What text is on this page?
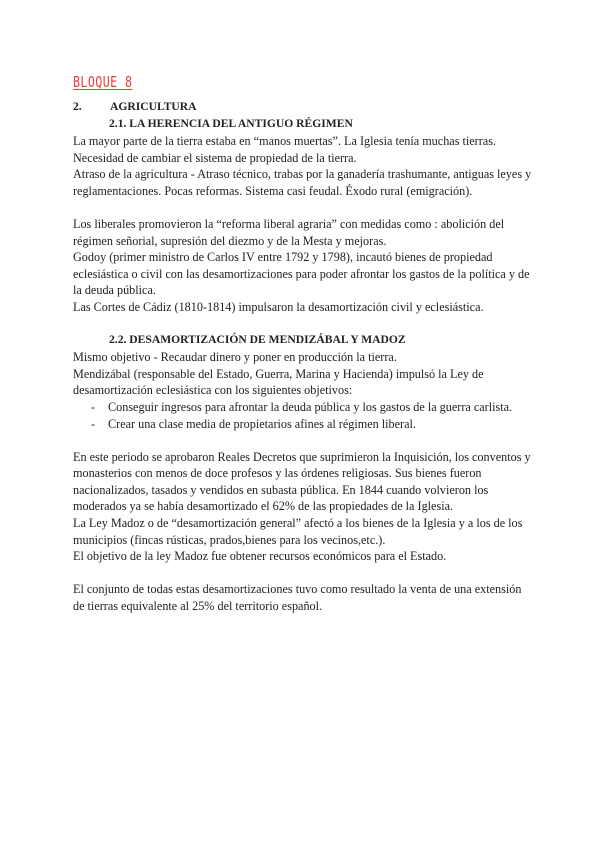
BLOQUE 8
2. AGRICULTURA
2.1. LA HERENCIA DEL ANTIGUO RÉGIMEN

La mayor parte de la tierra estaba en “manos muertas”. La Iglesia tenía muchas tierras. Necesidad de cambiar el sistema de propiedad de la tierra.

Atraso de la agricultura - Atraso técnico, trabas por la ganadería trashumante, antiguas leyes y reglamentaciones. Pocas reformas. Sistema casi feudal. Éxodo rural (emigración).

Los liberales promovieron la “reforma liberal agraria” con medidas como : abolición del régimen señorial, supresión del diezmo y de la Mesta y mejoras.

Godoy (primer ministro de Carlos IV entre 1792 y 1798), incautó bienes de propiedad eclesiástica o civil con las desamortizaciones para poder afrontar los gastos de la política y de la deuda pública.

Las Cortes de Cádiz (1810-1814) impulsaron la desamortización civil y eclesiástica.

2.2. DESAMORTIZACIÓN DE MENDIZÁBAL Y MADOZ

Mismo objetivo - Recaudar dinero y poner en producción la tierra.

Mendizábal (responsable del Estado, Guerra, Marina y Hacienda) impulsó la Ley de desamortización eclesiástica con los siguientes objetivos:

- Conseguir ingresos para afrontar la deuda pública y los gastos de la guerra carlista.
- Crear una clase media de propietarios afines al régimen liberal.

En este periodo se aprobaron Reales Decretos que suprimieron la Inquisición, los conventos y monasterios con menos de doce profesos y las órdenes religiosas. Sus bienes fueron nacionalizados, tasados y vendidos en subasta pública. En 1844 cuando volvieron los moderados ya se había desamortizado el 62% de las propiedades de la Iglesia.

La Ley Madoz o de “desamortización general” afectó a los bienes de la Iglesia y a los de los municipios (fincas rústicas, prados,bienes para los vecinos,etc.).

El objetivo de la ley Madoz fue obtener recursos económicos para el Estado.

El conjunto de todas estas desamortizaciones tuvo como resultado la venta de una extensión de tierras equivalente al 25% del territorio español.
